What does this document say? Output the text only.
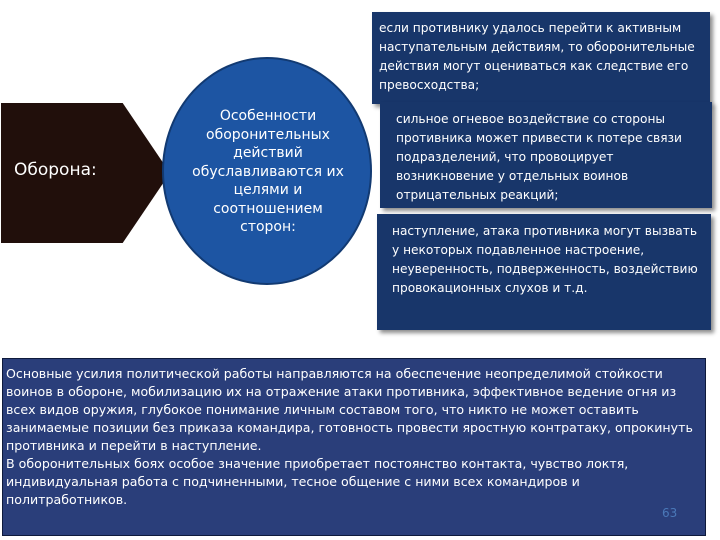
Оборона:
Особенности оборонительных действий обуславливаются их целями и соотношением сторон:
если противнику удалось перейти к активным наступательным действиям, то оборонительные действия могут оцениваться как следствие его превосходства;
сильное огневое воздействие со стороны противника может привести к потере связи подразделений, что провоцирует возникновение у отдельных воинов отрицательных реакций;
наступление, атака противника могут вызвать у некоторых подавленное настроение, неуверенность, подверженность, воздействию провокационных слухов и т.д.
Основные усилия политической работы направляются на обеспечение неопределимой стойкости воинов в обороне, мобилизацию их на отражение атаки противника, эффективное ведение огня из всех видов оружия, глубокое понимание личным составом того, что никто не может оставить занимаемые позиции без приказа командира, готовность провести яростную контратаку, опрокинуть противника и перейти в наступление.
В оборонительных боях особое значение приобретает постоянство контакта, чувство локтя, индивидуальная работа с подчиненными, тесное общение с ними всех командиров и политработников.
63
